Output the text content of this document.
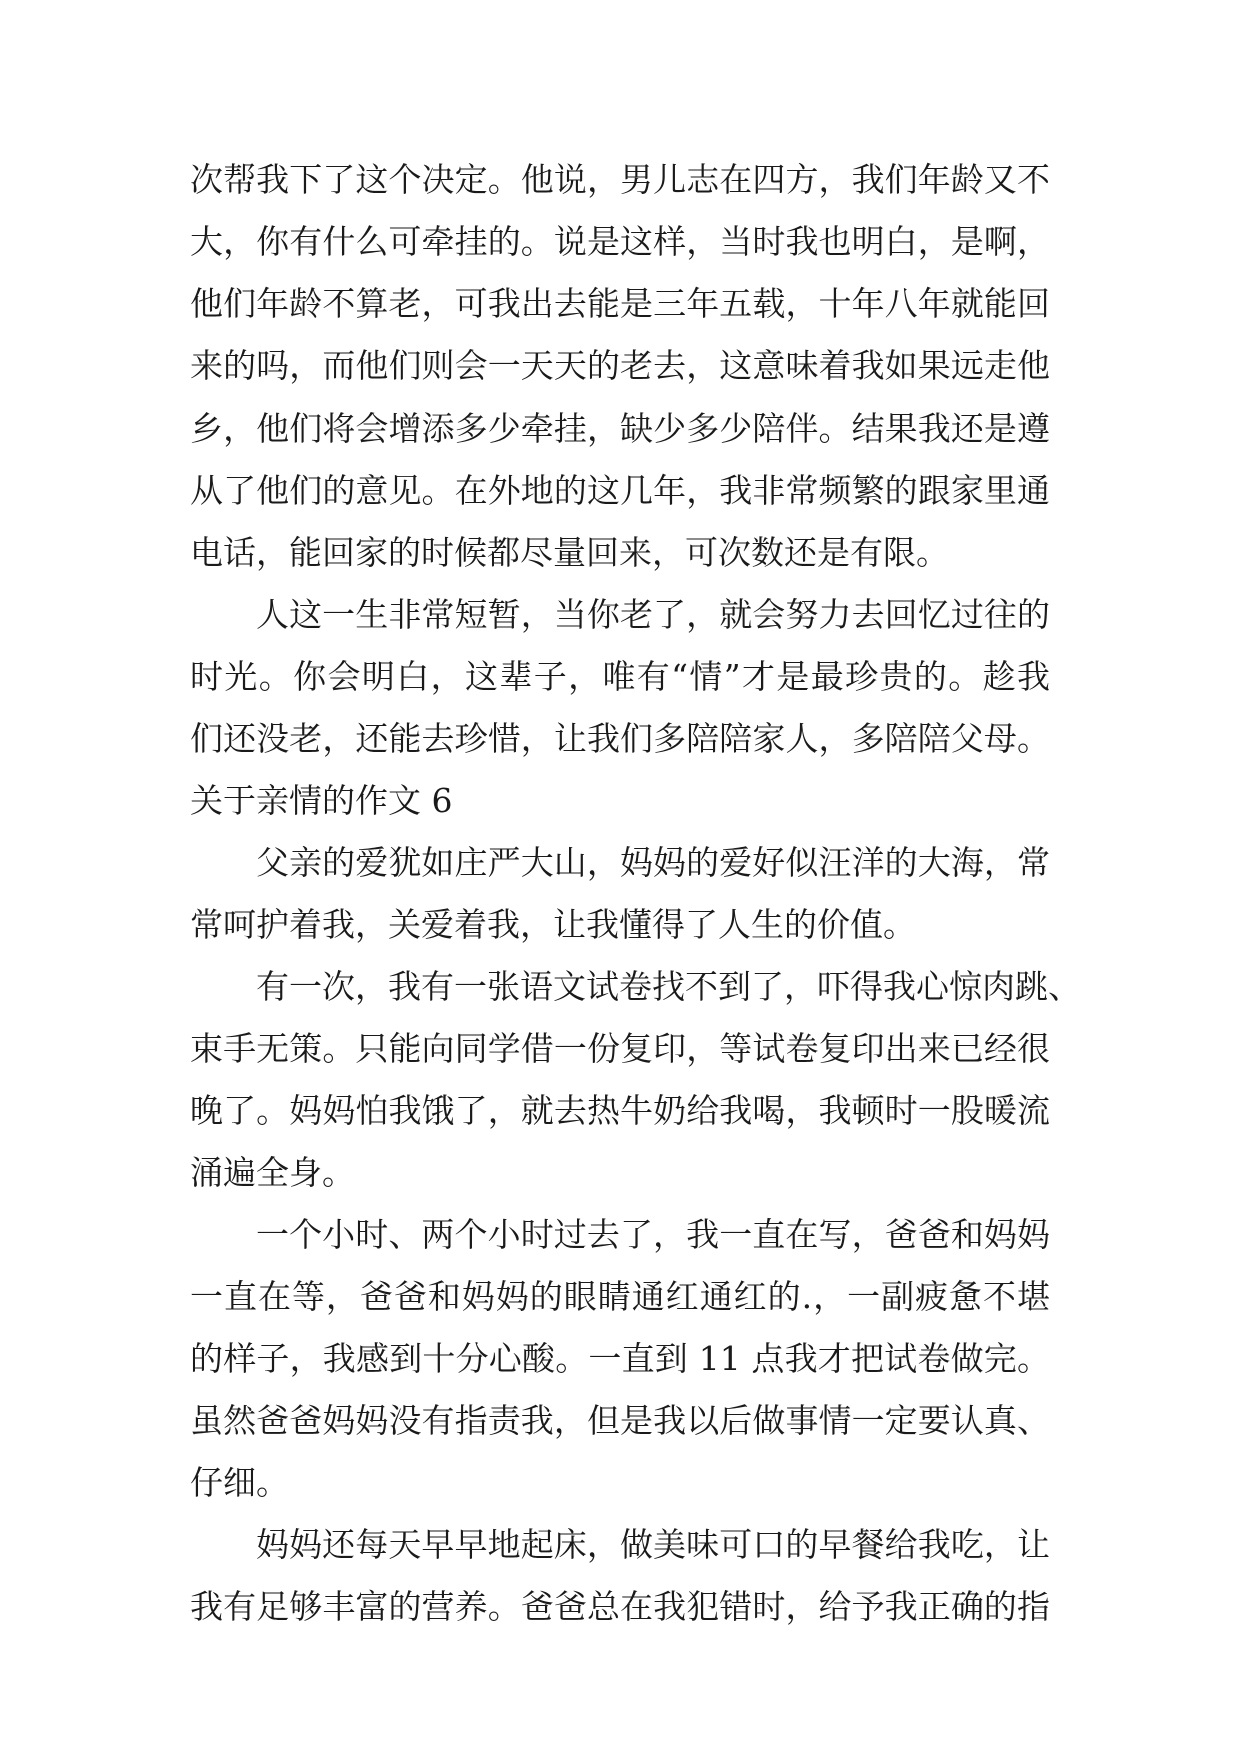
次帮我下了这个决定。他说，男儿志在四方，我们年龄又不
大，你有什么可牵挂的。说是这样，当时我也明白，是啊，
他们年龄不算老，可我出去能是三年五载，十年八年就能回
来的吗，而他们则会一天天的老去，这意味着我如果远走他
乡，他们将会增添多少牵挂，缺少多少陪伴。结果我还是遵
从了他们的意见。在外地的这几年，我非常频繁的跟家里通
电话，能回家的时候都尽量回来，可次数还是有限。
人这一生非常短暂，当你老了，就会努力去回忆过往的
时光。你会明白，这辈子，唯有“情”才是最珍贵的。趁我
们还没老，还能去珍惜，让我们多陪陪家人，多陪陪父母。
关于亲情的作文 6
父亲的爱犹如庄严大山，妈妈的爱好似汪洋的大海，常
常呵护着我，关爱着我，让我懂得了人生的价值。
有一次，我有一张语文试卷找不到了，吓得我心惊肉跳、
束手无策。只能向同学借一份复印，等试卷复印出来已经很
晚了。妈妈怕我饿了，就去热牛奶给我喝，我顿时一股暖流
涌遍全身。
一个小时、两个小时过去了，我一直在写，爸爸和妈妈
一直在等，爸爸和妈妈的眼睛通红通红的.，一副疲惫不堪
的样子，我感到十分心酸。一直到 11 点我才把试卷做完。
虽然爸爸妈妈没有指责我，但是我以后做事情一定要认真、
仔细。
妈妈还每天早早地起床，做美味可口的早餐给我吃，让
我有足够丰富的营养。爸爸总在我犯错时，给予我正确的指
